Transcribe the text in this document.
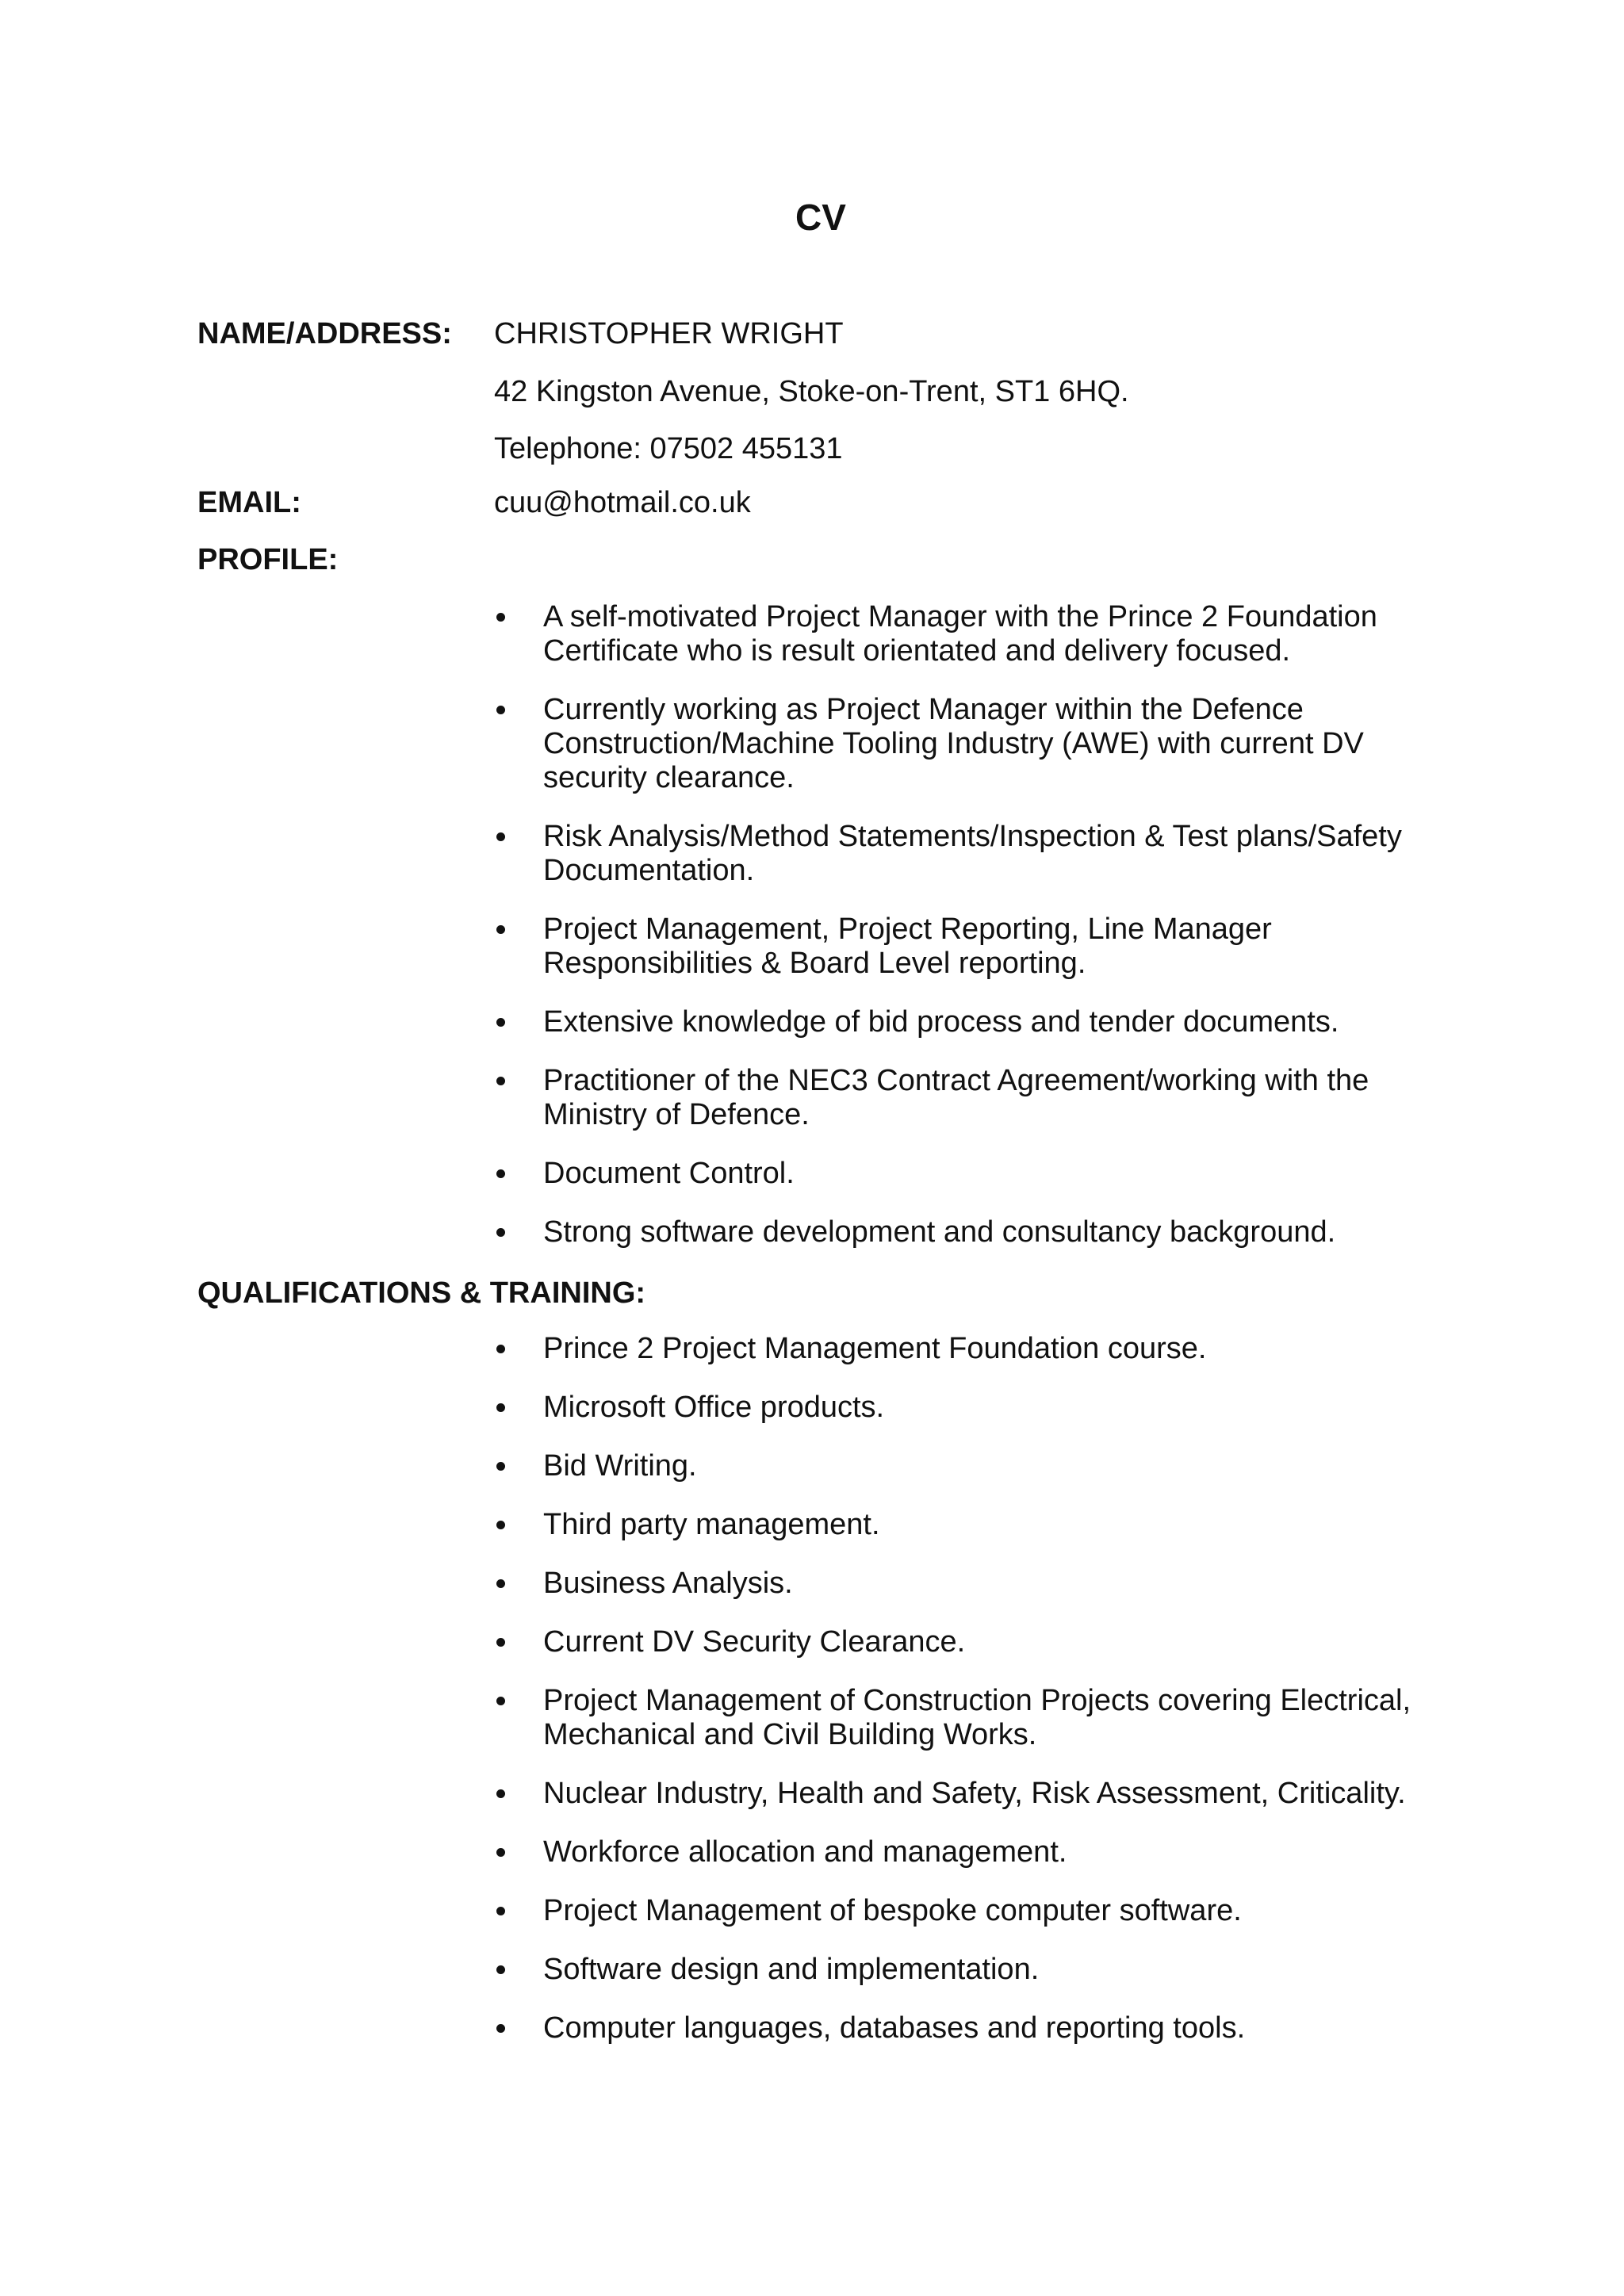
CV
NAME/ADDRESS: CHRISTOPHER WRIGHT
42 Kingston Avenue, Stoke-on-Trent, ST1 6HQ.
Telephone: 07502 455131
EMAIL:	cuu@hotmail.co.uk
PROFILE:
A self-motivated Project Manager with the Prince 2 Foundation Certificate who is result orientated and delivery focused.
Currently working as Project Manager within the Defence Construction/Machine Tooling Industry (AWE) with current DV security clearance.
Risk Analysis/Method Statements/Inspection & Test plans/Safety Documentation.
Project Management, Project Reporting, Line Manager Responsibilities & Board Level reporting.
Extensive knowledge of bid process and tender documents.
Practitioner of the NEC3 Contract Agreement/working with the Ministry of Defence.
Document Control.
Strong software development and consultancy background.
QUALIFICATIONS & TRAINING:
Prince 2 Project Management Foundation course.
Microsoft Office products.
Bid Writing.
Third party management.
Business Analysis.
Current DV Security Clearance.
Project Management of Construction Projects covering Electrical, Mechanical and Civil Building Works.
Nuclear Industry, Health and Safety, Risk Assessment, Criticality.
Workforce allocation and management.
Project Management of bespoke computer software.
Software design and implementation.
Computer languages, databases and reporting tools.
